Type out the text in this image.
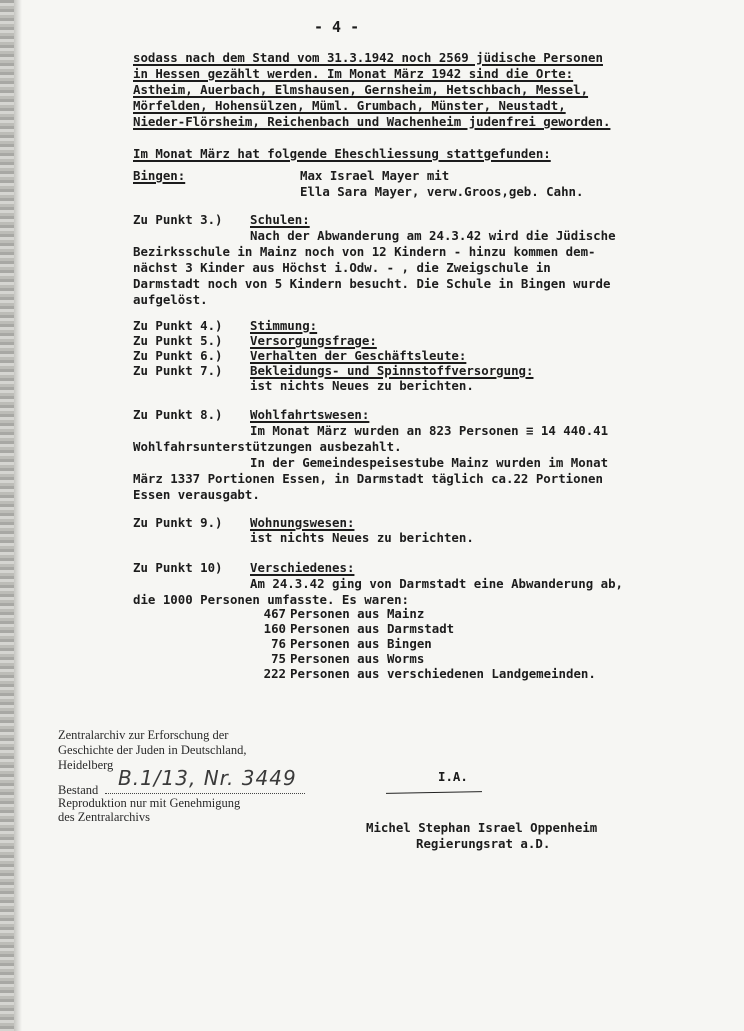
- 4 -
sodass nach dem Stand vom 31.3.1942 noch 2569 jüdische Personen
in Hessen gezählt werden. Im Monat März 1942 sind die Orte:
Astheim, Auerbach, Elmshausen, Gernsheim, Hetschbach, Messel,
Mörfelden, Hohensülzen, Müml. Grumbach, Münster, Neustadt,
Nieder-Flörsheim, Reichenbach und Wachenheim judenfrei geworden.
Im Monat März hat folgende Eheschliessung stattgefunden:
Bingen:	Max Israel Mayer mit
Ella Sara Mayer, verw.Groos,geb. Cahn.
Zu Punkt 3.) Schulen:
Nach der Abwanderung am 24.3.42 wird die Jüdische
Bezirksschule in Mainz noch von 12 Kindern - hinzu kommen dem-
nächst 3 Kinder aus Höchst i.Odw. - , die Zweigschule in
Darmstadt noch von 5 Kindern besucht. Die Schule in Bingen wurde
aufgelöst.
Zu Punkt 4.) Stimmung:
Zu Punkt 5.) Versorgungsfrage:
Zu Punkt 6.) Verhalten der Geschäftsleute:
Zu Punkt 7.) Bekleidungs- und Spinnstoffversorgung:
ist nichts Neues zu berichten.
Zu Punkt 8.) Wohlfahrtswesen:
Im Monat März wurden an 823 Personen ≡ 14 440.41
Wohlfahrsunterstützungen ausbezahlt.
In der Gemeindespeisestube Mainz wurden im Monat
März 1337 Portionen Essen, in Darmstadt täglich ca.22 Portionen
Essen verausgabt.
Zu Punkt 9.) Wohnungswesen:
ist nichts Neues zu berichten.
Zu Punkt 10) Verschiedenes:
Am 24.3.42 ging von Darmstadt eine Abwanderung ab,
die 1000 Personen umfasste. Es waren:
467 Personen aus Mainz
160 Personen aus Darmstadt
76 Personen aus Bingen
75 Personen aus Worms
222 Personen aus verschiedenen Landgemeinden.
Zentralarchiv zur Erforschung der
Geschichte der Juden in Deutschland,
Heidelberg
Bestand B.1/13, Nr. 3449
Reproduktion nur mit Genehmigung
des Zentralarchivs
I.A.
Michel Stephan Israel Oppenheim
Regierungsrat a.D.
